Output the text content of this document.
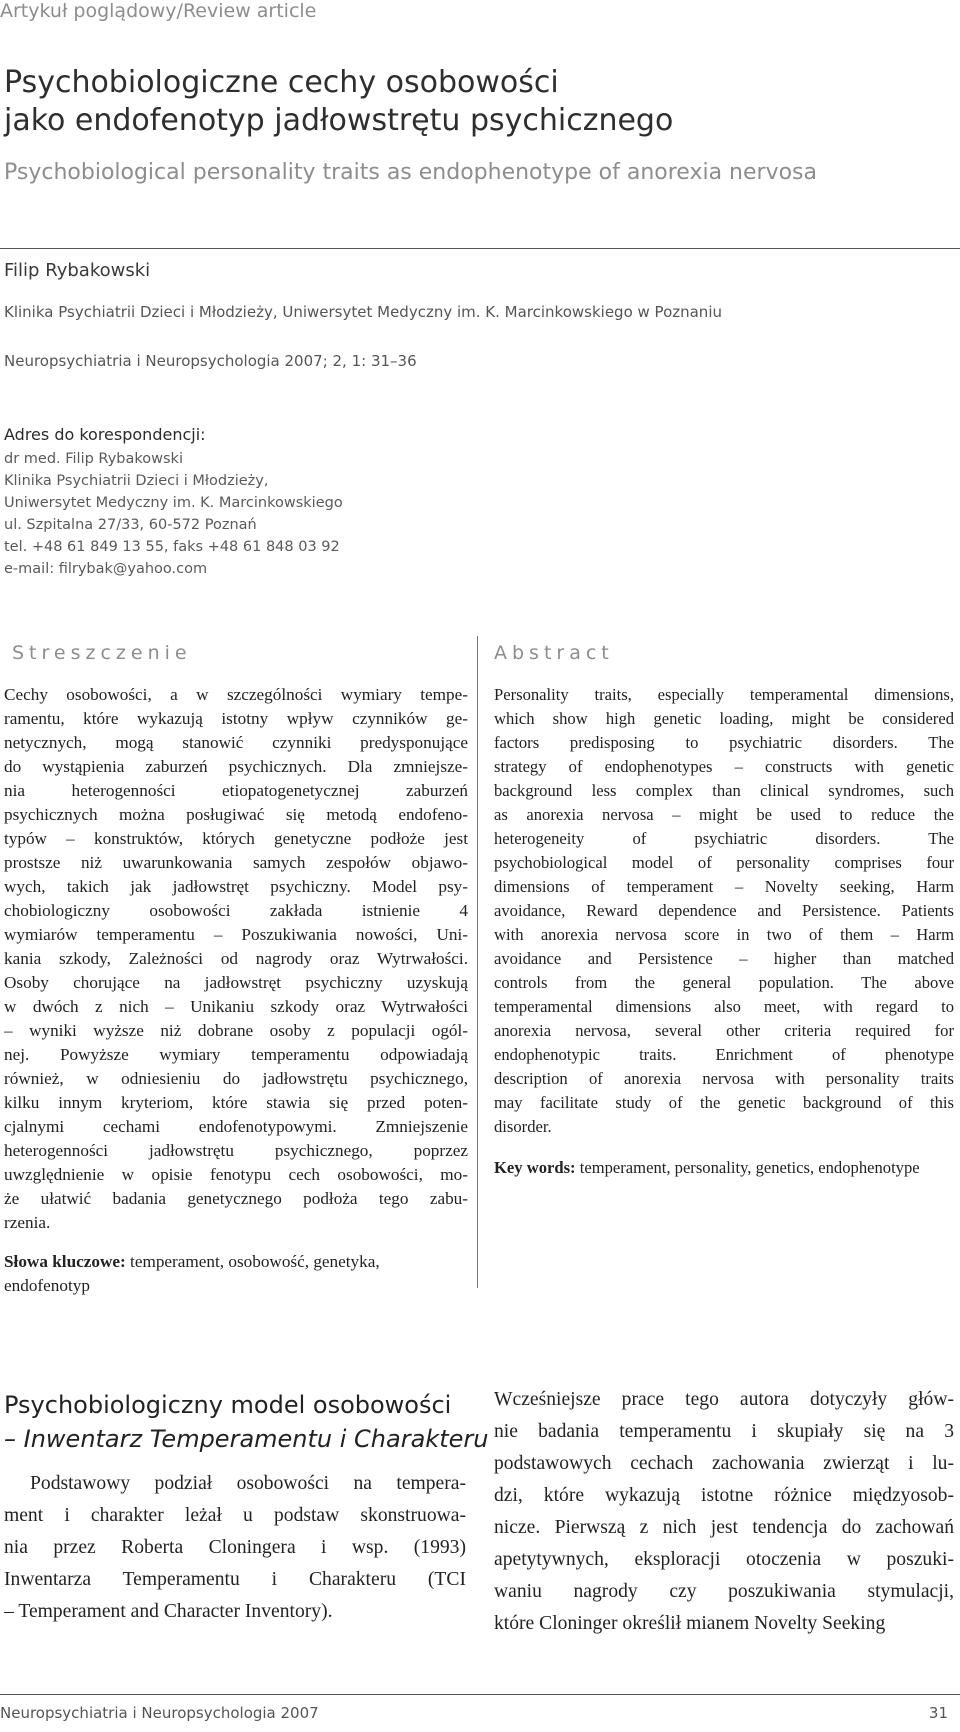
Artykuł poglądowy/Review article
Psychobiologiczne cechy osobowości
jako endofenotyp jadłowstrętu psychicznego
Psychobiological personality traits as endophenotype of anorexia nervosa
Filip Rybakowski
Klinika Psychiatrii Dzieci i Młodzieży, Uniwersytet Medyczny im. K. Marcinkowskiego w Poznaniu
Neuropsychiatria i Neuropsychologia 2007; 2, 1: 31–36
Adres do korespondencji:
dr med. Filip Rybakowski
Klinika Psychiatrii Dzieci i Młodzieży,
Uniwersytet Medyczny im. K. Marcinkowskiego
ul. Szpitalna 27/33, 60-572 Poznań
tel. +48 61 849 13 55, faks +48 61 848 03 92
e-mail: filrybak@yahoo.com
Streszczenie	Abstract
Cechy osobowości, a w szczególności wymiary tempe-
ramentu, które wykazują istotny wpływ czynników ge-
netycznych, mogą stanowić czynniki predysponujące
do wystąpienia zaburzeń psychicznych. Dla zmniejsze-
nia heterogenności etiopatogenetycznej zaburzeń
psychicznych można posługiwać się metodą endofeno-
typów – konstruktów, których genetyczne podłoże jest
prostsze niż uwarunkowania samych zespołów objawo-
wych, takich jak jadłowstręt psychiczny. Model psy-
chobiologiczny osobowości zakłada istnienie 4
wymiarów temperamentu – Poszukiwania nowości, Uni-
kania szkody, Zależności od nagrody oraz Wytrwałości.
Osoby chorujące na jadłowstręt psychiczny uzyskują
w dwóch z nich – Unikaniu szkody oraz Wytrwałości
– wyniki wyższe niż dobrane osoby z populacji ogól-
nej. Powyższe wymiary temperamentu odpowiadają
również, w odniesieniu do jadłowstrętu psychicznego,
kilku innym kryteriom, które stawia się przed poten-
cjalnymi cechami endofenotypowymi. Zmniejszenie
heterogenności jadłowstrętu psychicznego, poprzez
uwzględnienie w opisie fenotypu cech osobowości, mo-
że ułatwić badania genetycznego podłoża tego zabu-
rzenia.
Słowa kluczowe: temperament, osobowość, genetyka, endofenotyp
Personality traits, especially temperamental dimensions,
which show high genetic loading, might be considered
factors predisposing to psychiatric disorders. The
strategy of endophenotypes – constructs with genetic
background less complex than clinical syndromes, such
as anorexia nervosa – might be used to reduce the
heterogeneity of psychiatric disorders. The
psychobiological model of personality comprises four
dimensions of temperament – Novelty seeking, Harm
avoidance, Reward dependence and Persistence. Patients
with anorexia nervosa score in two of them – Harm
avoidance and Persistence – higher than matched
controls from the general population. The above
temperamental dimensions also meet, with regard to
anorexia nervosa, several other criteria required for
endophenotypic traits. Enrichment of phenotype
description of anorexia nervosa with personality traits
may facilitate study of the genetic background of this
disorder.
Key words: temperament, personality, genetics, endophenotype
Psychobiologiczny model osobowości
– Inwentarz Temperamentu i Charakteru
Podstawowy podział osobowości na tempera-
ment i charakter leżał u podstaw skonstruowa-
nia przez Roberta Cloningera i wsp. (1993)
Inwentarza Temperamentu i Charakteru (TCI
– Temperament and Character Inventory).
Wcześniejsze prace tego autora dotyczyły głów-
nie badania temperamentu i skupiały się na 3
podstawowych cechach zachowania zwierząt i lu-
dzi, które wykazują istotne różnice międzyosob-
nicze. Pierwszą z nich jest tendencja do zachowań
apetytywnych, eksploracji otoczenia w poszuki-
waniu nagrody czy poszukiwania stymulacji,
które Cloninger określił mianem Novelty Seeking
Neuropsychiatria i Neuropsychologia 2007	31
